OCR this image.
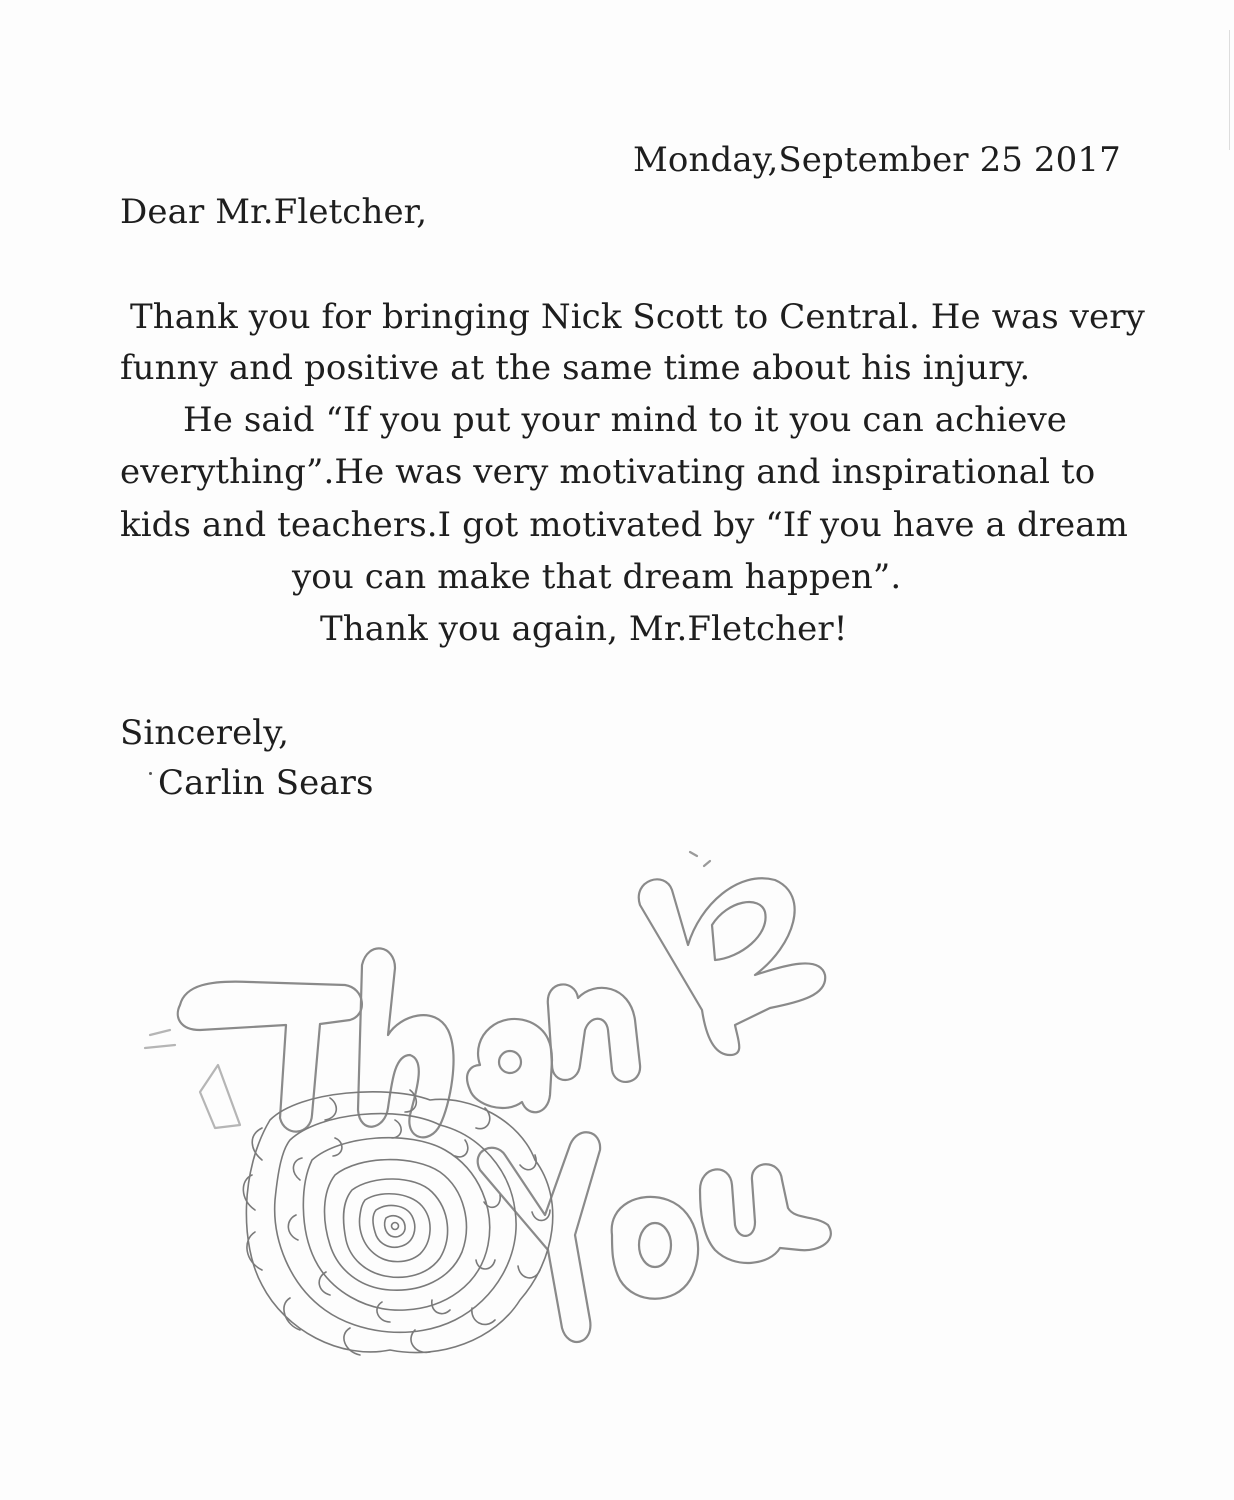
Monday,September 25 2017
Dear Mr.Fletcher,
Thank you for bringing Nick Scott to Central. He was very
funny and positive at the same time about his injury.
He said “If you put your mind to it you can achieve
everything”.He was very motivating and inspirational to
kids and teachers.I got motivated by “If you have a dream
you can make that dream happen”.
Thank you again, Mr.Fletcher!
Sincerely,
Carlin Sears
